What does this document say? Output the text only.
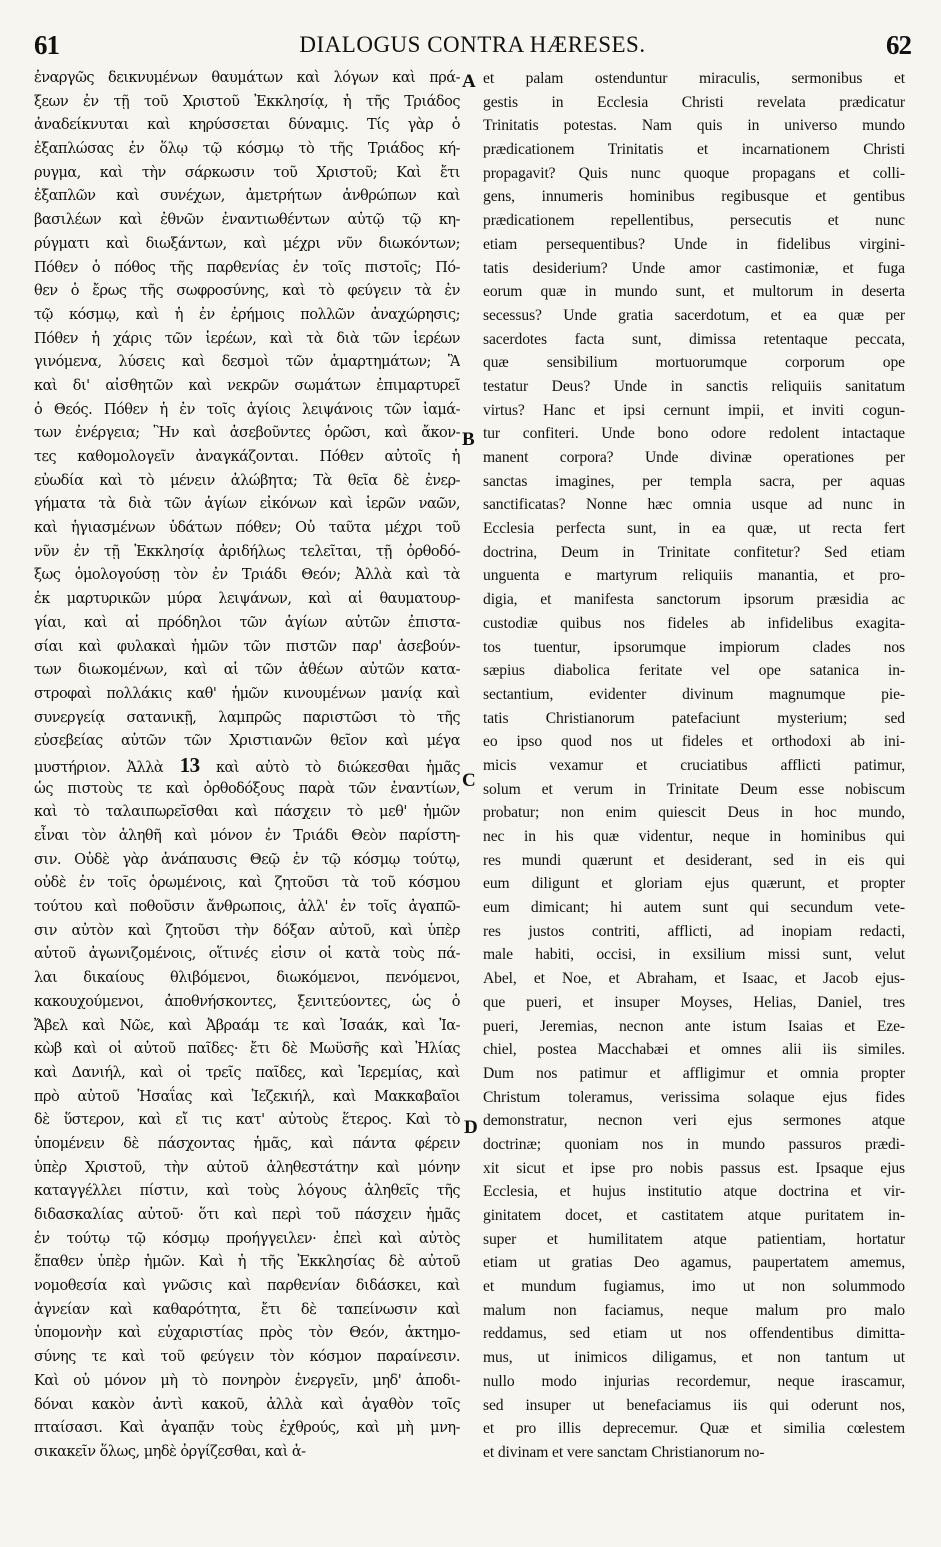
61	DIALOGUS CONTRA HÆRESES.	62
ἐναργῶς δεικνυμένων θαυμάτων καὶ λόγων καὶ πρά-
ξεων ἐν τῇ τοῦ Χριστοῦ Ἐκκλησίᾳ, ἡ τῆς Τριάδος
ἀναδείκνυται καὶ κηρύσσεται δύναμις. Τίς γὰρ ὁ
ἐξαπλώσας ἐν ὅλῳ τῷ κόσμῳ τὸ τῆς Τριάδος κή-
ρυγμα, καὶ τὴν σάρκωσιν τοῦ Χριστοῦ; Καὶ ἔτι
ἐξαπλῶν καὶ συνέχων, ἀμετρήτων ἀνθρώπων καὶ
βασιλέων καὶ ἐθνῶν ἐναντιωθέντων αὐτῷ τῷ κη-
ρύγματι καὶ διωξάντων, καὶ μέχρι νῦν διωκόντων;
Πόθεν ὁ πόθος τῆς παρθενίας ἐν τοῖς πιστοῖς; Πό-
θεν ὁ ἔρως τῆς σωφροσύνης, καὶ τὸ φεύγειν τὰ ἐν
τῷ κόσμῳ, καὶ ἡ ἐν ἐρήμοις πολλῶν ἀναχώρησις;
Πόθεν ἡ χάρις τῶν ἱερέων, καὶ τὰ διὰ τῶν ἱερέων
γινόμενα, λύσεις καὶ δεσμοὶ τῶν ἁμαρτημάτων; Ἃ
καὶ δι' αἰσθητῶν καὶ νεκρῶν σωμάτων ἐπιμαρτυρεῖ
ὁ Θεός. Πόθεν ἡ ἐν τοῖς ἁγίοις λειψάνοις τῶν ἰαμά-
των ἐνέργεια; Ἣν καὶ ἀσεβοῦντες ὁρῶσι, καὶ ἄκον-
τες καθομολογεῖν ἀναγκάζονται. Πόθεν αὐτοῖς ἡ
εὐωδία καὶ τὸ μένειν ἀλώβητα; Τὰ θεῖα δὲ ἐνερ-
γήματα τὰ διὰ τῶν ἁγίων εἰκόνων καὶ ἱερῶν ναῶν,
καὶ ἡγιασμένων ὑδάτων πόθεν; Οὐ ταῦτα μέχρι τοῦ
νῦν ἐν τῇ Ἐκκλησίᾳ ἀριδήλως τελεῖται, τῇ ὀρθοδό-
ξως ὁμολογούσῃ τὸν ἐν Τριάδι Θεόν; Ἀλλὰ καὶ τὰ
ἐκ μαρτυρικῶν μύρα λειψάνων, καὶ αἱ θαυματουρ-
γίαι, καὶ αἱ πρόδηλοι τῶν ἁγίων αὐτῶν ἐπιστα-
σίαι καὶ φυλακαὶ ἡμῶν τῶν πιστῶν παρ' ἀσεβούν-
των διωκομένων, καὶ αἱ τῶν ἀθέων αὐτῶν κατα-
στροφαὶ πολλάκις καθ' ἡμῶν κινουμένων μανίᾳ καὶ
συνεργείᾳ σατανικῇ, λαμπρῶς παριστῶσι τὸ τῆς
εὐσεβείας αὐτῶν τῶν Χριστιανῶν θεῖον καὶ μέγα
μυστήριον. Ἀλλὰ 13 καὶ αὐτὸ τὸ διώκεσθαι ἡμᾶς
ὡς πιστοὺς τε καὶ ὀρθοδόξους παρὰ τῶν ἐναντίων,
καὶ τὸ ταλαιπωρεῖσθαι καὶ πάσχειν τὸ μεθ' ἡμῶν
εἶναι τὸν ἀληθῆ καὶ μόνον ἐν Τριάδι Θεὸν παρίστη-
σιν. Οὐδὲ γὰρ ἀνάπαυσις Θεῷ ἐν τῷ κόσμῳ τούτῳ,
οὐδὲ ἐν τοῖς ὁρωμένοις, καὶ ζητοῦσι τὰ τοῦ κόσμου
τούτου καὶ ποθοῦσιν ἄνθρωποις, ἀλλ' ἐν τοῖς ἀγαπῶ-
σιν αὐτὸν καὶ ζητοῦσι τὴν δόξαν αὐτοῦ, καὶ ὑπὲρ
αὐτοῦ ἀγωνιζομένοις, οἵτινές εἰσιν οἱ κατὰ τοὺς πά-
λαι δικαίους θλιβόμενοι, διωκόμενοι, πενόμενοι,
κακουχούμενοι, ἀποθνήσκοντες, ξενιτεύοντες, ὡς ὁ
Ἄβελ καὶ Νῶε, καὶ Ἀβραάμ τε καὶ Ἰσαάκ, καὶ Ἰα-
κὼβ καὶ οἱ αὐτοῦ παῖδες· ἔτι δὲ Μωϋσῆς καὶ Ἠλίας
καὶ Δανιήλ, καὶ οἱ τρεῖς παῖδες, καὶ Ἱερεμίας, καὶ
πρὸ αὐτοῦ Ἡσαΐας καὶ Ἰεζεκιήλ, καὶ Μακκαβαῖοι
δὲ ὕστερον, καὶ εἴ τις κατ' αὐτοὺς ἕτερος. Καὶ τὸ
ὑπομένειν δὲ πάσχοντας ἡμᾶς, καὶ πάντα φέρειν
ὑπὲρ Χριστοῦ, τὴν αὐτοῦ ἀληθεστάτην καὶ μόνην
καταγγέλλει πίστιν, καὶ τοὺς λόγους ἀληθεῖς τῆς
διδασκαλίας αὐτοῦ· ὅτι καὶ περὶ τοῦ πάσχειν ἡμᾶς
ἐν τούτῳ τῷ κόσμῳ προήγγειλεν· ἐπεὶ καὶ αὐτὸς
ἔπαθεν ὑπὲρ ἡμῶν. Καὶ ἡ τῆς Ἐκκλησίας δὲ αὐτοῦ
νομοθεσία καὶ γνῶσις καὶ παρθενίαν διδάσκει, καὶ
ἁγνείαν καὶ καθαρότητα, ἔτι δὲ ταπείνωσιν καὶ
ὑπομονὴν καὶ εὐχαριστίας πρὸς τὸν Θεόν, ἀκτημο-
σύνης τε καὶ τοῦ φεύγειν τὸν κόσμον παραίνεσιν.
Καὶ οὐ μόνον μὴ τὸ πονηρὸν ἐνεργεῖν, μηδ' ἀποδι-
δόναι κακὸν ἀντὶ κακοῦ, ἀλλὰ καὶ ἀγαθὸν τοῖς
πταίσασι. Καὶ ἀγαπᾷν τοὺς ἐχθρούς, καὶ μὴ μνη-
σικακεῖν ὅλως, μηδὲ ὀργίζεσθαι, καὶ ἀ-
et palam ostenduntur miraculis, sermonibus et
gestis in Ecclesia Christi revelata prædicatur
Trinitatis potestas. Nam quis in universo mundo
prædicationem Trinitatis et incarnationem Christi
propagavit? Quis nunc quoque propagans et colli-
gens, innumeris hominibus regibusque et gentibus
prædicationem repellentibus, persecutis et nunc
etiam persequentibus? Unde in fidelibus virgini-
tatis desiderium? Unde amor castimoniæ, et fuga
eorum quæ in mundo sunt, et multorum in deserta
secessus? Unde gratia sacerdotum, et ea quæ per
sacerdotes facta sunt, dimissa retentaque peccata,
quæ sensibilium mortuorumque corporum ope
testatur Deus? Unde in sanctis reliquiis sanitatum
virtus? Hanc et ipsi cernunt impii, et inviti cogun-
tur confiteri. Unde bono odore redolent intactaque
manent corpora? Unde divinæ operationes per
sanctas imagines, per templa sacra, per aquas
sanctificatas? Nonne hæc omnia usque ad nunc in
Ecclesia perfecta sunt, in ea quæ, ut recta fert
doctrina, Deum in Trinitate confitetur? Sed etiam
unguenta e martyrum reliquiis manantia, et pro-
digia, et manifesta sanctorum ipsorum præsidia ac
custodiæ quibus nos fideles ab infidelibus exagita-
tos tuentur, ipsorumque impiorum clades nos
sæpius diabolica feritate vel ope satanica in-
sectantium, evidenter divinum magnumque pie-
tatis Christianorum patefaciunt mysterium; sed
eo ipso quod nos ut fideles et orthodoxi ab ini-
micis vexamur et cruciatibus afflicti patimur,
solum et verum in Trinitate Deum esse nobiscum
probatur; non enim quiescit Deus in hoc mundo,
nec in his quæ videntur, neque in hominibus qui
res mundi quærunt et desiderant, sed in eis qui
eum diligunt et gloriam ejus quærunt, et propter
eum dimicant; hi autem sunt qui secundum vete-
res justos contriti, afflicti, ad inopiam redacti,
male habiti, occisi, in exsilium missi sunt, velut
Abel, et Noe, et Abraham, et Isaac, et Jacob ejus-
que pueri, et insuper Moyses, Helias, Daniel, tres
pueri, Jeremias, necnon ante istum Isaias et Eze-
chiel, postea Macchabæi et omnes alii iis similes.
Dum nos patimur et affligimur et omnia propter
Christum toleramus, verissima solaque ejus fides
demonstratur, necnon veri ejus sermones atque
doctrinæ; quoniam nos in mundo passuros prædi-
xit sicut et ipse pro nobis passus est. Ipsaque ejus
Ecclesia, et hujus institutio atque doctrina et vir-
ginitatem docet, et castitatem atque puritatem in-
super et humilitatem atque patientiam, hortatur
etiam ut gratias Deo agamus, paupertatem amemus,
et mundum fugiamus, imo ut non solummodo
malum non faciamus, neque malum pro malo
reddamus, sed etiam ut nos offendentibus dimitta-
mus, ut inimicos diligamus, et non tantum ut
nullo modo injurias recordemur, neque irascamur,
sed insuper ut benefaciamus iis qui oderunt nos,
et pro illis deprecemur. Quæ et similia cœlestem
et divinam et vere sanctam Christianorum no-
A
B
C
D
